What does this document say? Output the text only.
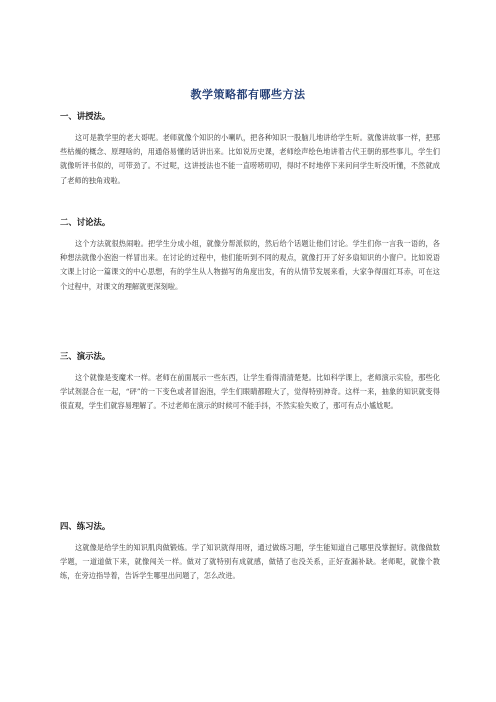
教学策略都有哪些方法

一、讲授法。

这可是教学里的老大哥呢。老师就像个知识的小喇叭，把各种知识一股脑儿地讲给学生听。就像讲故事一样，把那些枯燥的概念、原理啥的，用通俗易懂的话讲出来。比如说历史课，老师绘声绘色地讲着古代王朝的那些事儿，学生们就像听评书似的，可带劲了。不过呢，这讲授法也不能一直唠唠叨叨，得时不时地停下来问问学生听没听懂，不然就成了老师的独角戏啦。

二、讨论法。

这个方法就很热闹啦。把学生分成小组，就像分帮派似的，然后给个话题让他们讨论。学生们你一言我一语的，各种想法就像小泡泡一样冒出来。在讨论的过程中，他们能听到不同的观点，就像打开了好多扇知识的小窗户。比如说语文课上讨论一篇课文的中心思想，有的学生从人物描写的角度出发，有的从情节发展来看，大家争得面红耳赤，可在这个过程中，对课文的理解就更深刻啦。

三、演示法。

这个就像是变魔术一样。老师在前面展示一些东西，让学生看得清清楚楚。比如科学课上，老师演示实验，那些化学试剂混合在一起，“砰”的一下变色或者冒泡泡，学生们眼睛都瞪大了，觉得特别神奇。这样一来，抽象的知识就变得很直观，学生们就容易理解了。不过老师在演示的时候可不能手抖，不然实验失败了，那可有点小尴尬呢。

四、练习法。

这就像是给学生的知识肌肉做锻炼。学了知识就得用呀，通过做练习题，学生能知道自己哪里没掌握好。就像做数学题，一道道做下来，就像闯关一样。做对了就特别有成就感，做错了也没关系，正好查漏补缺。老师呢，就像个教练，在旁边指导着，告诉学生哪里出问题了，怎么改进。
